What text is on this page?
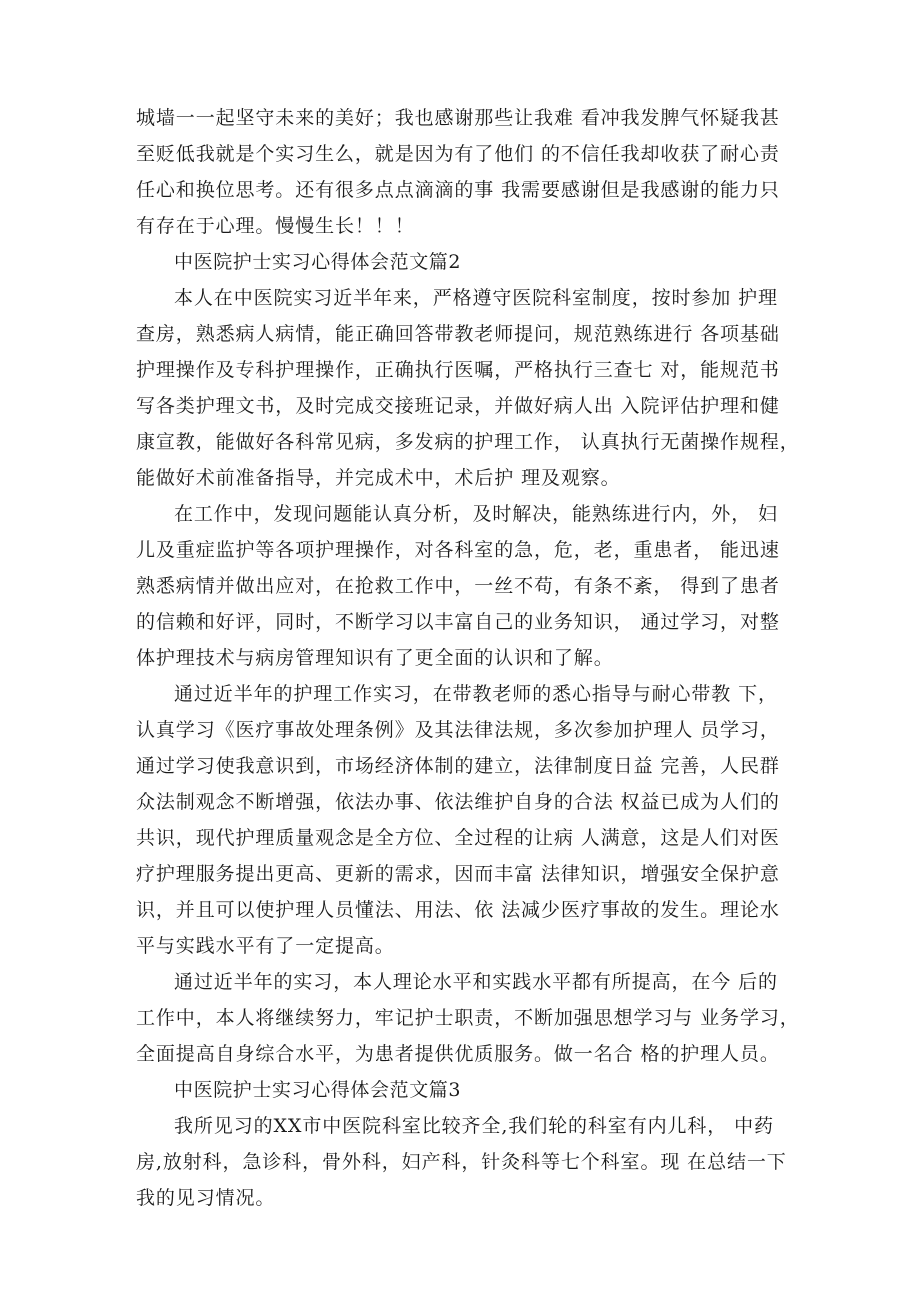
城墙一一起坚守未来的美好；我也感谢那些让我难 看冲我发脾气怀疑我甚
至贬低我就是个实习生么，就是因为有了他们 的不信任我却收获了耐心责
任心和换位思考。还有很多点点滴滴的事 我需要感谢但是我感谢的能力只
有存在于心理。慢慢生长！！！
中医院护士实习心得体会范文篇2
本人在中医院实习近半年来，严格遵守医院科室制度，按时参加 护理
查房，熟悉病人病情，能正确回答带教老师提问，规范熟练进行 各项基础
护理操作及专科护理操作，正确执行医嘱，严格执行三查七 对，能规范书
写各类护理文书，及时完成交接班记录，并做好病人出 入院评估护理和健
康宣教，能做好各科常见病，多发病的护理工作， 认真执行无菌操作规程，
能做好术前准备指导，并完成术中，术后护 理及观察。
在工作中，发现问题能认真分析，及时解决，能熟练进行内，外， 妇
儿及重症监护等各项护理操作，对各科室的急，危，老，重患者， 能迅速
熟悉病情并做出应对，在抢救工作中，一丝不苟，有条不紊， 得到了患者
的信赖和好评，同时，不断学习以丰富自己的业务知识， 通过学习，对整
体护理技术与病房管理知识有了更全面的认识和了解。
通过近半年的护理工作实习，在带教老师的悉心指导与耐心带教 下，
认真学习《医疗事故处理条例》及其法律法规，多次参加护理人 员学习，
通过学习使我意识到，市场经济体制的建立，法律制度日益 完善，人民群
众法制观念不断增强，依法办事、依法维护自身的合法 权益已成为人们的
共识，现代护理质量观念是全方位、全过程的让病 人满意，这是人们对医
疗护理服务提出更高、更新的需求，因而丰富 法律知识，增强安全保护意
识，并且可以使护理人员懂法、用法、依 法减少医疗事故的发生。理论水
平与实践水平有了一定提高。
通过近半年的实习，本人理论水平和实践水平都有所提高，在今 后的
工作中，本人将继续努力，牢记护士职责，不断加强思想学习与 业务学习，
全面提高自身综合水平，为患者提供优质服务。做一名合 格的护理人员。
中医院护士实习心得体会范文篇3
我所见习的XX市中医院科室比较齐全,我们轮的科室有内儿科， 中药
房,放射科，急诊科，骨外科，妇产科，针灸科等七个科室。现 在总结一下
我的见习情况。
